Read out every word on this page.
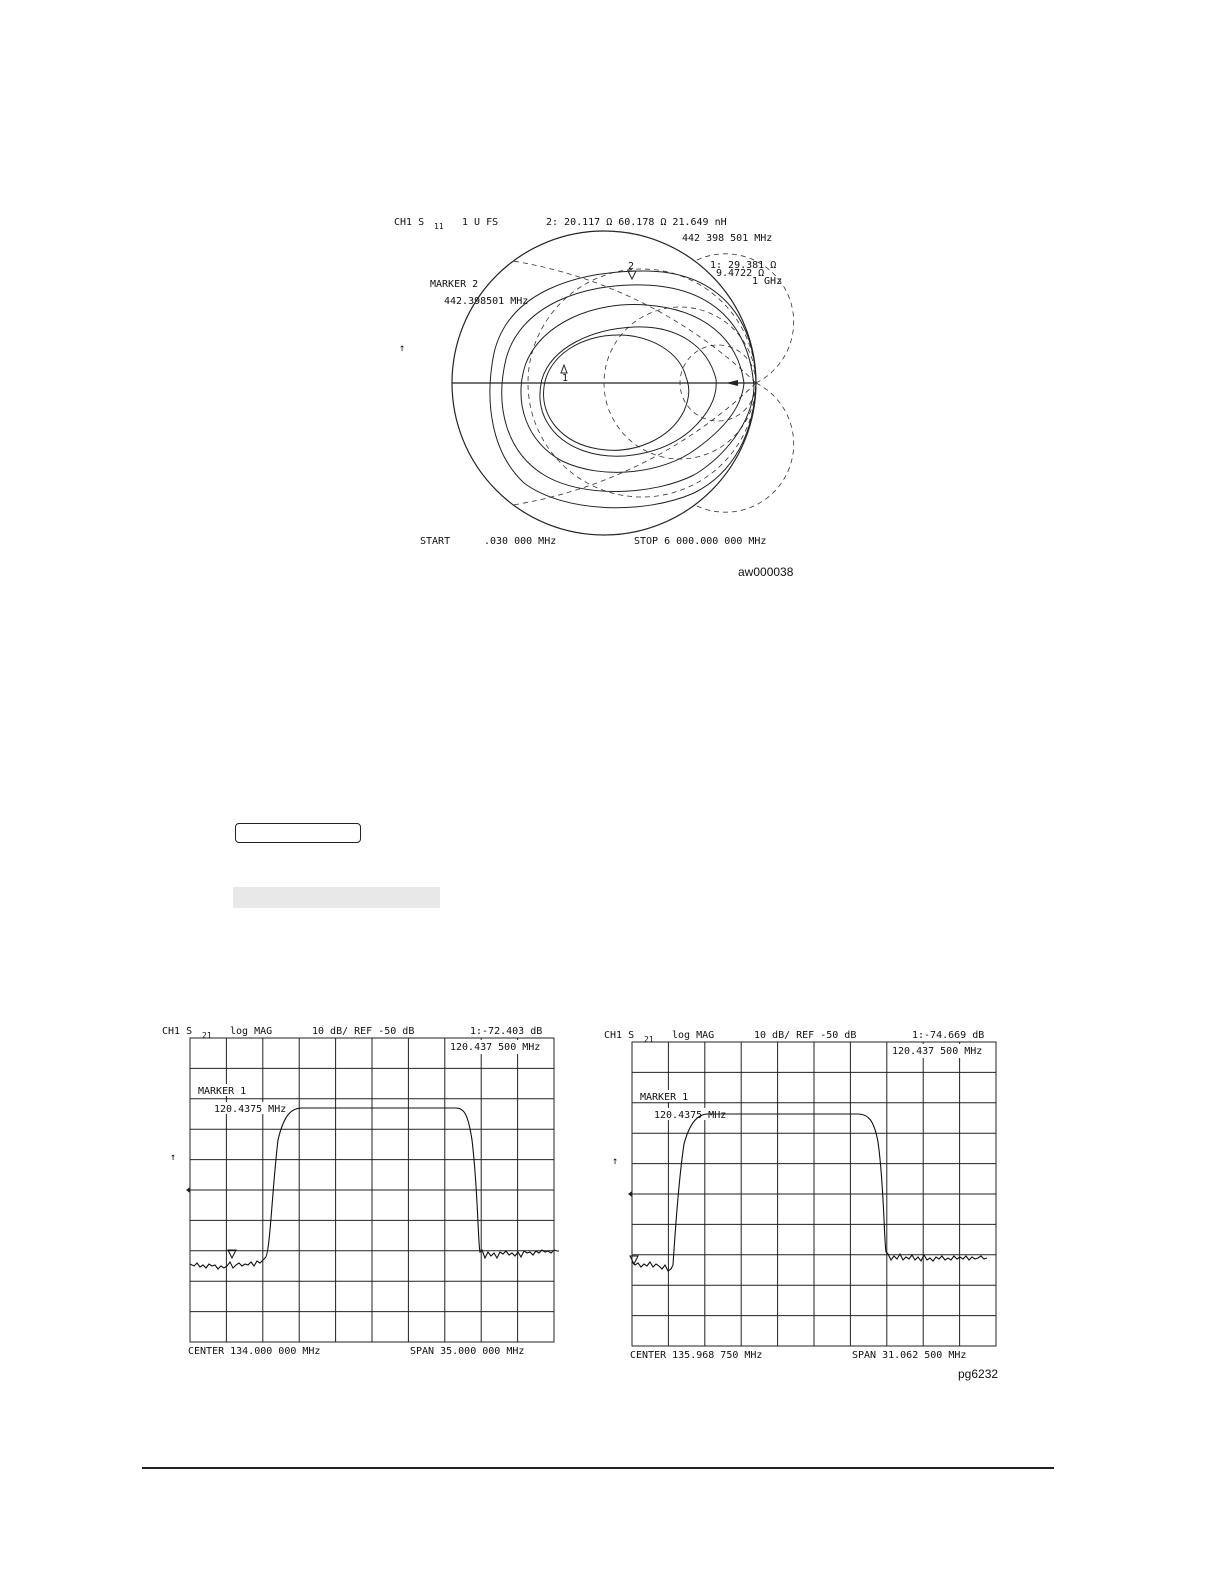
CH1 S 11 1 U FS	2: 20.117 Ω 60.178 Ω 21.649 nH
442 398 501 MHz
1: 29.381 Ω
9.4722 Ω
1 GHz
MARKER 2
442.398501 MHz
↑
1
2
START	.030 000 MHz	STOP 6 000.000 000 MHz
aw000038
CH1 S 21 log MAG	10 dB/ REF -50 dB	1:-72.403 dB
120.437 500 MHz
MARKER 1
120.4375 MHz
↑
CENTER 134.000 000 MHz	SPAN 35.000 000 MHz
CH1 S 21 log MAG	10 dB/ REF -50 dB	1:-74.669 dB
120.437 500 MHz
MARKER 1
120.4375 MHz
↑
CENTER 135.968 750 MHz	SPAN 31.062 500 MHz
pg6232
